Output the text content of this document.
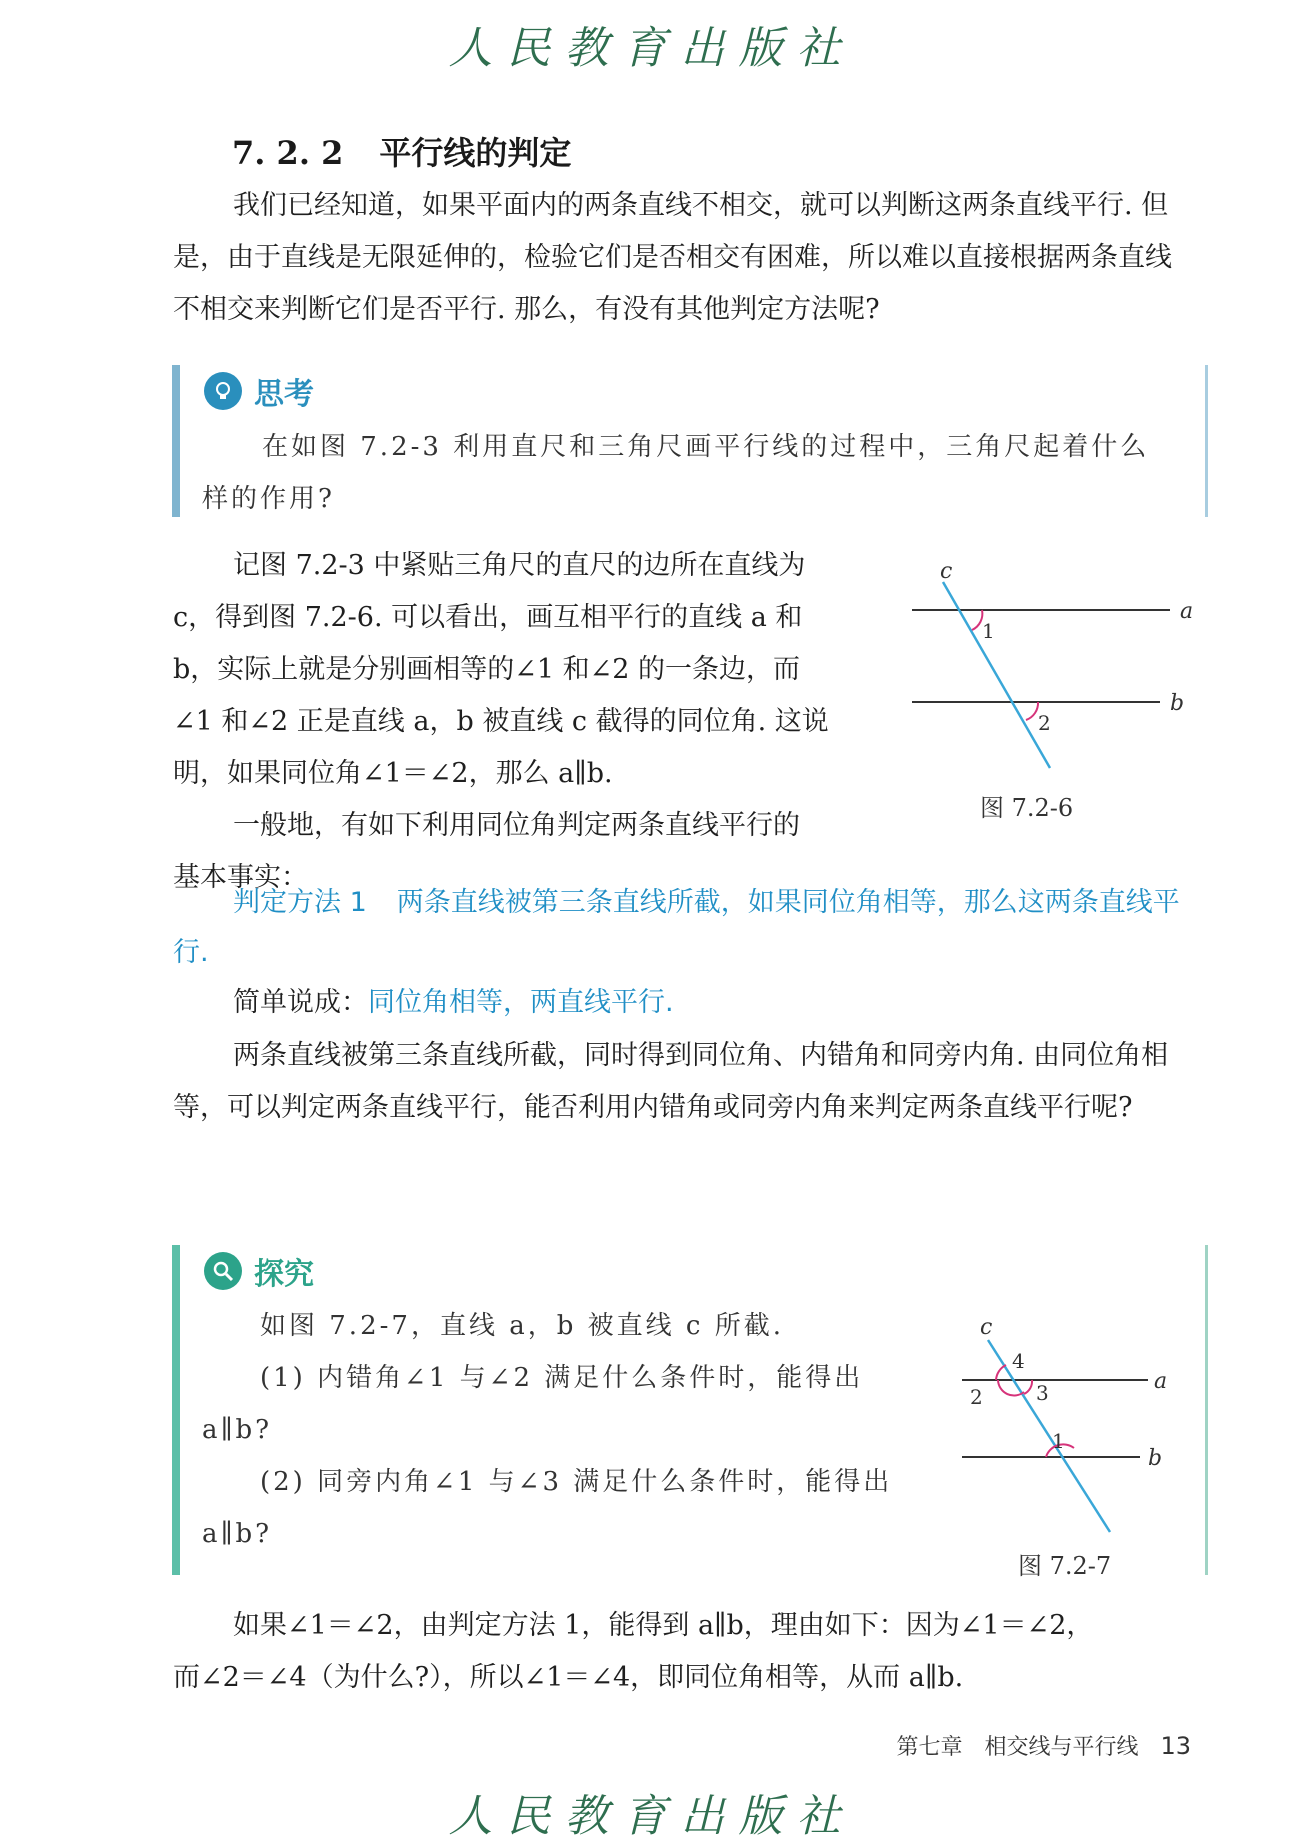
人民教育出版社
7. 2. 2 平行线的判定
我们已经知道，如果平面内的两条直线不相交，就可以判断这两条直线平行. 但是，由于直线是无限延伸的，检验它们是否相交有困难，所以难以直接根据两条直线不相交来判断它们是否平行. 那么，有没有其他判定方法呢?
思考
在如图 7.2-3 利用直尺和三角尺画平行线的过程中，三角尺起着什么样的作用?
记图 7.2-3 中紧贴三角尺的直尺的边所在直线为
c，得到图 7.2-6. 可以看出，画互相平行的直线 a 和
b，实际上就是分别画相等的∠1 和∠2 的一条边，而
∠1 和∠2 正是直线 a，b 被直线 c 截得的同位角. 这说
明，如果同位角∠1＝∠2，那么 a∥b.
一般地，有如下利用同位角判定两条直线平行的
基本事实：
c
a
b
1
2
图 7.2-6
判定方法 1 两条直线被第三条直线所截，如果同位角相等，那么这两条直线平行.
简单说成：同位角相等，两直线平行.
两条直线被第三条直线所截，同时得到同位角、内错角和同旁内角. 由同位角相等，可以判定两条直线平行，能否利用内错角或同旁内角来判定两条直线平行呢?
探究
如图 7.2-7，直线 a，b 被直线 c 所截.
(1) 内错角∠1 与∠2 满足什么条件时，能得出
a∥b?
(2) 同旁内角∠1 与∠3 满足什么条件时，能得出
a∥b?
c
a
b
4
2	3
1
图 7.2-7
如果∠1＝∠2，由判定方法 1，能得到 a∥b，理由如下：因为∠1＝∠2，
而∠2＝∠4（为什么?），所以∠1＝∠4，即同位角相等，从而 a∥b.
第七章　相交线与平行线 13
人民教育出版社
